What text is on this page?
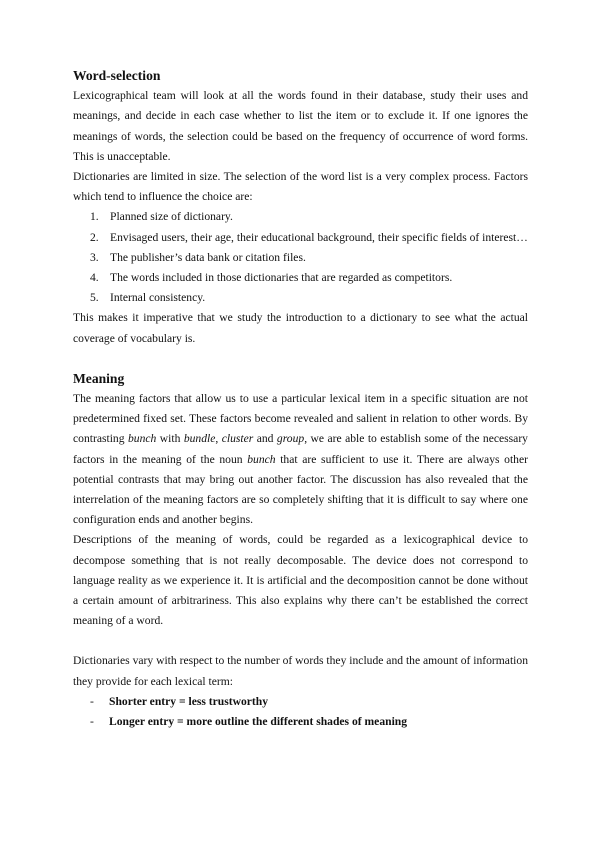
Word-selection

Lexicographical team will look at all the words found in their database, study their uses and meanings, and decide in each case whether to list the item or to exclude it. If one ignores the meanings of words, the selection could be based on the frequency of occurrence of word forms. This is unacceptable.

Dictionaries are limited in size. The selection of the word list is a very complex process. Factors which tend to influence the choice are:

1. Planned size of dictionary.
2. Envisaged users, their age, their educational background, their specific fields of interest…
3. The publisher’s data bank or citation files.
4. The words included in those dictionaries that are regarded as competitors.
5. Internal consistency.

This makes it imperative that we study the introduction to a dictionary to see what the actual coverage of vocabulary is.

Meaning

The meaning factors that allow us to use a particular lexical item in a specific situation are not predetermined fixed set. These factors become revealed and salient in relation to other words. By contrasting bunch with bundle, cluster and group, we are able to establish some of the necessary factors in the meaning of the noun bunch that are sufficient to use it. There are always other potential contrasts that may bring out another factor. The discussion has also revealed that the interrelation of the meaning factors are so completely shifting that it is difficult to say where one configuration ends and another begins.

Descriptions of the meaning of words, could be regarded as a lexicographical device to decompose something that is not really decomposable. The device does not correspond to language reality as we experience it. It is artificial and the decomposition cannot be done without a certain amount of arbitrariness. This also explains why there can’t be established the correct meaning of a word.

Dictionaries vary with respect to the number of words they include and the amount of information they provide for each lexical term:

- Shorter entry = less trustworthy
- Longer entry = more outline the different shades of meaning
